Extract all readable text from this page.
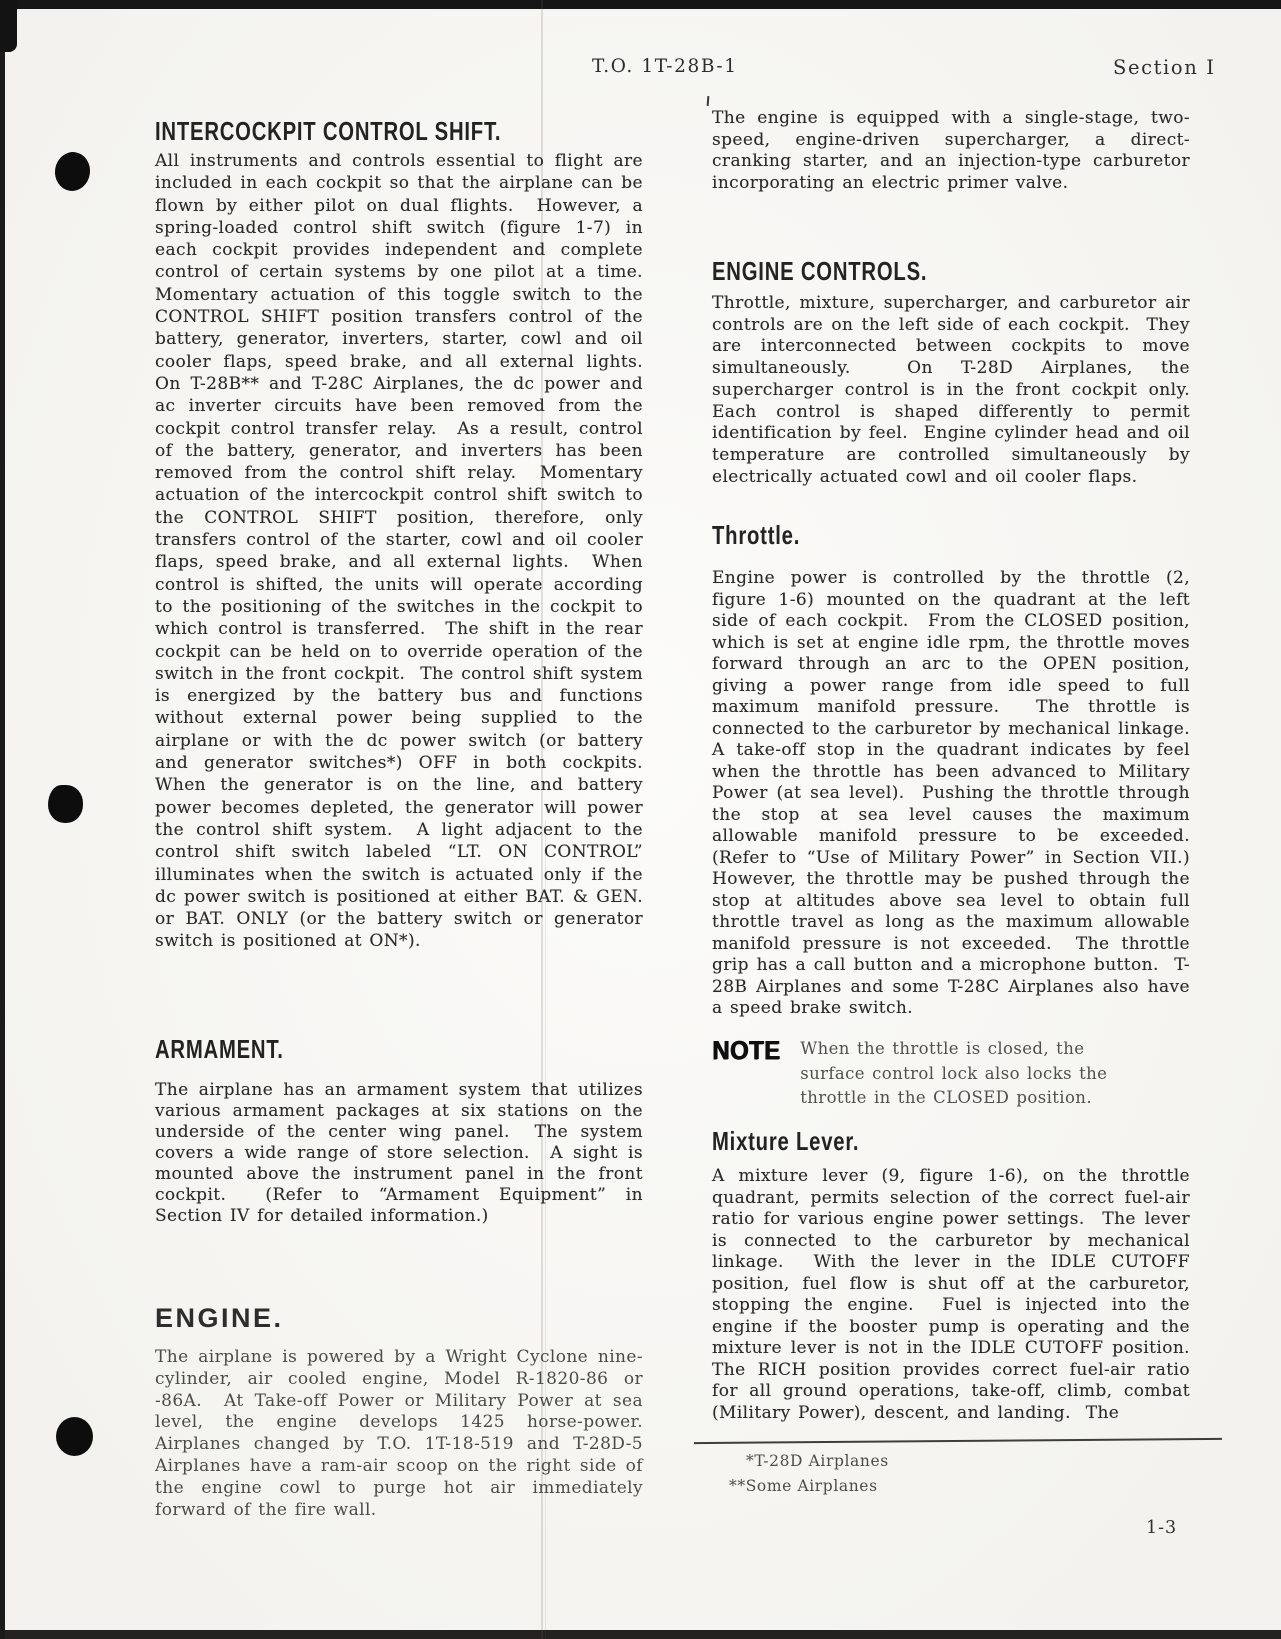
T.O. 1T-28B-1	Section I
INTERCOCKPIT CONTROL SHIFT.
All instruments and controls essential to flight are included in each cockpit so that the airplane can be flown by either pilot on dual flights.  However, a spring-loaded control shift switch (figure 1-7) in each cockpit provides independent and complete control of certain systems by one pilot at a time.  Momentary actuation of this toggle switch to the CONTROL SHIFT position transfers control of the battery, generator, inverters, starter, cowl and oil cooler flaps, speed brake, and all external lights.  On T-28B** and T-28C Airplanes, the dc power and ac inverter circuits have been removed from the cockpit control transfer relay.  As a result, control of the battery, generator, and inverters has been removed from the control shift relay.  Momentary actuation of the intercockpit control shift switch to the CONTROL SHIFT position, therefore, only transfers control of the starter, cowl and oil cooler flaps, speed brake, and all external lights.  When control is shifted, the units will operate according to the positioning of the switches in the cockpit to which control is transferred.  The shift in the rear cockpit can be held on to override operation of the switch in the front cockpit.  The control shift system is energized by the battery bus and functions without external power being supplied to the airplane or with the dc power switch (or battery and generator switches*) OFF in both cockpits.  When the generator is on the line, and battery power becomes depleted, the generator will power the control shift system.  A light adjacent to the control shift switch labeled “LT. ON CONTROL” illuminates when the switch is actuated only if the dc power switch is positioned at either BAT. & GEN. or BAT. ONLY (or the battery switch or generator switch is positioned at ON*).
ARMAMENT.
The airplane has an armament system that utilizes various armament packages at six stations on the underside of the center wing panel.  The system covers a wide range of store selection.  A sight is mounted above the instrument panel in the front cockpit.  (Refer to “Armament Equipment” in Section IV for detailed information.)
ENGINE.
The airplane is powered by a Wright Cyclone nine-cylinder, air cooled engine, Model R-1820-86 or -86A.  At Take-off Power or Military Power at sea level, the engine develops 1425 horse-power.  Airplanes changed by T.O. 1T-18-519 and T-28D-5 Airplanes have a ram-air scoop on the right side of the engine cowl to purge hot air immediately forward of the fire wall.
The engine is equipped with a single-stage, two-speed, engine-driven supercharger, a direct-cranking starter, and an injection-type carburetor incorporating an electric primer valve.
ENGINE CONTROLS.
Throttle, mixture, supercharger, and carburetor air controls are on the left side of each cockpit.  They are interconnected between cockpits to move simultaneously.  On T-28D Airplanes, the supercharger control is in the front cockpit only.  Each control is shaped differently to permit identification by feel.  Engine cylinder head and oil temperature are controlled simultaneously by electrically actuated cowl and oil cooler flaps.
Throttle.
Engine power is controlled by the throttle (2, figure 1-6) mounted on the quadrant at the left side of each cockpit.  From the CLOSED position, which is set at engine idle rpm, the throttle moves forward through an arc to the OPEN position, giving a power range from idle speed to full maximum manifold pressure.  The throttle is connected to the carburetor by mechanical linkage.  A take-off stop in the quadrant indicates by feel when the throttle has been advanced to Military Power (at sea level).  Pushing the throttle through the stop at sea level causes the maximum allowable manifold pressure to be exceeded.  (Refer to “Use of Military Power” in Section VII.)  However, the throttle may be pushed through the stop at altitudes above sea level to obtain full throttle travel as long as the maximum allowable manifold pressure is not exceeded.  The throttle grip has a call button and a microphone button.  T-28B Airplanes and some T-28C Airplanes also have a speed brake switch.
NOTE When the throttle is closed, the surface control lock also locks the throttle in the CLOSED position.
Mixture Lever.
A mixture lever (9, figure 1-6), on the throttle quadrant, permits selection of the correct fuel-air ratio for various engine power settings.  The lever is connected to the carburetor by mechanical linkage.  With the lever in the IDLE CUTOFF position, fuel flow is shut off at the carburetor, stopping the engine.  Fuel is injected into the engine if the booster pump is operating and the mixture lever is not in the IDLE CUTOFF position.  The RICH position provides correct fuel-air ratio for all ground operations, take-off, climb, combat (Military Power), descent, and landing.  The
*T-28D Airplanes
**Some Airplanes
1-3
